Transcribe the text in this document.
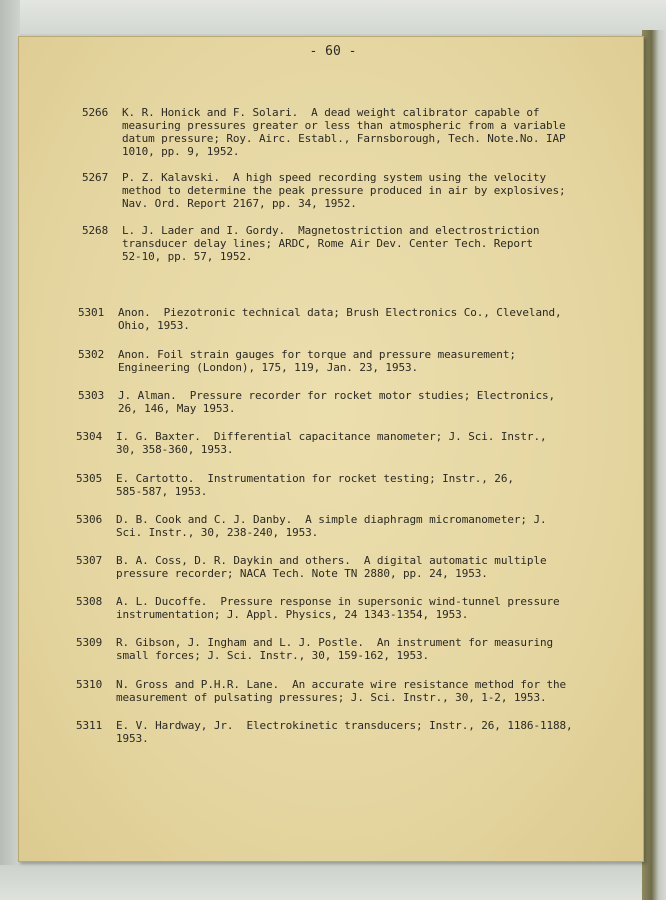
- 60 -
5266	K. R. Honick and F. Solari.  A dead weight calibrator capable of
measuring pressures greater or less than atmospheric from a variable
datum pressure; Roy. Airc. Establ., Farnsborough, Tech. Note.No. IAP
1010, pp. 9, 1952.
5267	P. Z. Kalavski.  A high speed recording system using the velocity
method to determine the peak pressure produced in air by explosives;
Nav. Ord. Report 2167, pp. 34, 1952.
5268	L. J. Lader and I. Gordy.  Magnetostriction and electrostriction
transducer delay lines; ARDC, Rome Air Dev. Center Tech. Report
52-10, pp. 57, 1952.
5301	Anon.  Piezotronic technical data; Brush Electronics Co., Cleveland,
Ohio, 1953.
5302	Anon. Foil strain gauges for torque and pressure measurement;
Engineering (London), 175, 119, Jan. 23, 1953.
5303	J. Alman.  Pressure recorder for rocket motor studies; Electronics,
26, 146, May 1953.
5304	I. G. Baxter.  Differential capacitance manometer; J. Sci. Instr.,
30, 358-360, 1953.
5305	E. Cartotto.  Instrumentation for rocket testing; Instr., 26,
585-587, 1953.
5306	D. B. Cook and C. J. Danby.  A simple diaphragm micromanometer; J.
Sci. Instr., 30, 238-240, 1953.
5307	B. A. Coss, D. R. Daykin and others.  A digital automatic multiple
pressure recorder; NACA Tech. Note TN 2880, pp. 24, 1953.
5308	A. L. Ducoffe.  Pressure response in supersonic wind-tunnel pressure
instrumentation; J. Appl. Physics, 24 1343-1354, 1953.
5309	R. Gibson, J. Ingham and L. J. Postle.  An instrument for measuring
small forces; J. Sci. Instr., 30, 159-162, 1953.
5310	N. Gross and P.H.R. Lane.  An accurate wire resistance method for the
measurement of pulsating pressures; J. Sci. Instr., 30, 1-2, 1953.
5311	E. V. Hardway, Jr.  Electrokinetic transducers; Instr., 26, 1186-1188,
1953.
